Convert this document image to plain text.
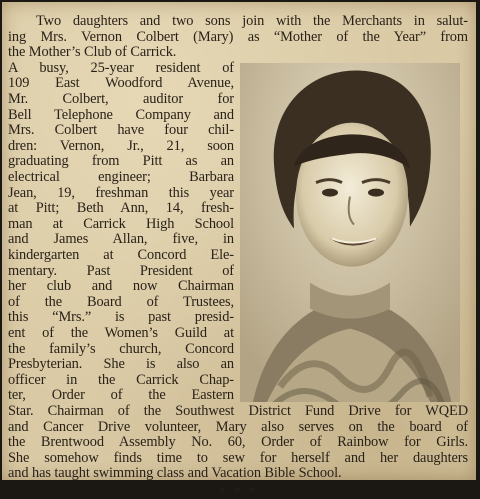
Two daughters and two sons join with the Merchants in salut-
ing Mrs. Vernon Colbert (Mary) as “Mother of the Year” from
the Mother’s Club of Carrick.
A busy, 25-year resident of
109 East Woodford Avenue,
Mr. Colbert, auditor for
Bell Telephone Company and
Mrs. Colbert have four chil-
dren: Vernon, Jr., 21, soon
graduating from Pitt as an
electrical engineer; Barbara
Jean, 19, freshman this year
at Pitt; Beth Ann, 14, fresh-
man at Carrick High School
and James Allan, five, in
kindergarten at Concord Ele-
mentary. Past President of
her club and now Chairman
of the Board of Trustees,
this “Mrs.” is past presid-
ent of the Women’s Guild at
the family’s church, Concord
Presbyterian. She is also an
officer in the Carrick Chap-
ter, Order of the Eastern
Star. Chairman of the Southwest District Fund Drive for WQED
and Cancer Drive volunteer, Mary also serves on the board of
the Brentwood Assembly No. 60, Order of Rainbow for Girls.
She somehow finds time to sew for herself and her daughters
and has taught swimming class and Vacation Bible School.
* * *
